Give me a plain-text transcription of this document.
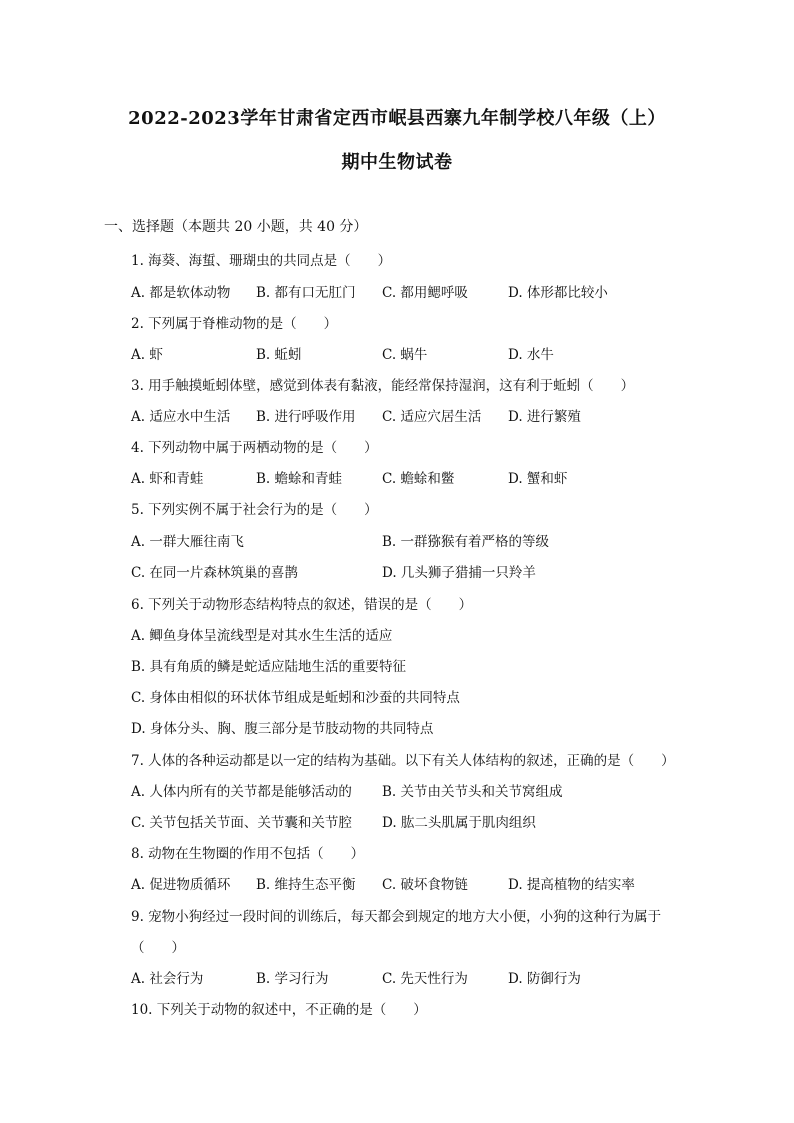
2022-2023学年甘肃省定西市岷县西寨九年制学校八年级（上）
期中生物试卷
一、选择题（本题共 20 小题，共 40 分）
1. 海葵、海蜇、珊瑚虫的共同点是（　　）
A. 都是软体动物 B. 都有口无肛门 C. 都用鳃呼吸	D. 体形都比较小
2. 下列属于脊椎动物的是（　　）
A. 虾	B. 蚯蚓	C. 蜗牛	D. 水牛
3. 用手触摸蚯蚓体壁，感觉到体表有黏液，能经常保持湿润，这有利于蚯蚓（　　）
A. 适应水中生活 B. 进行呼吸作用 C. 适应穴居生活 D. 进行繁殖
4. 下列动物中属于两栖动物的是（　　）
A. 虾和青蛙	B. 蟾蜍和青蛙	C. 蟾蜍和鳖	D. 蟹和虾
5. 下列实例不属于社会行为的是（　　）
A. 一群大雁往南飞	B. 一群猕猴有着严格的等级
C. 在同一片森林筑巢的喜鹊	D. 几头狮子猎捕一只羚羊
6. 下列关于动物形态结构特点的叙述，错误的是（　　）
A. 鲫鱼身体呈流线型是对其水生生活的适应
B. 具有角质的鳞是蛇适应陆地生活的重要特征
C. 身体由相似的环状体节组成是蚯蚓和沙蚕的共同特点
D. 身体分头、胸、腹三部分是节肢动物的共同特点
7. 人体的各种运动都是以一定的结构为基础。以下有关人体结构的叙述，正确的是（　　）
A. 人体内所有的关节都是能够活动的 B. 关节由关节头和关节窝组成
C. 关节包括关节面、关节囊和关节腔 D. 肱二头肌属于肌肉组织
8. 动物在生物圈的作用不包括（　　）
A. 促进物质循环 B. 维持生态平衡 C. 破坏食物链	D. 提高植物的结实率
9. 宠物小狗经过一段时间的训练后，每天都会到规定的地方大小便，小狗的这种行为属于
（　　）
A. 社会行为	B. 学习行为	C. 先天性行为	D. 防御行为
10. 下列关于动物的叙述中，不正确的是（　　）
